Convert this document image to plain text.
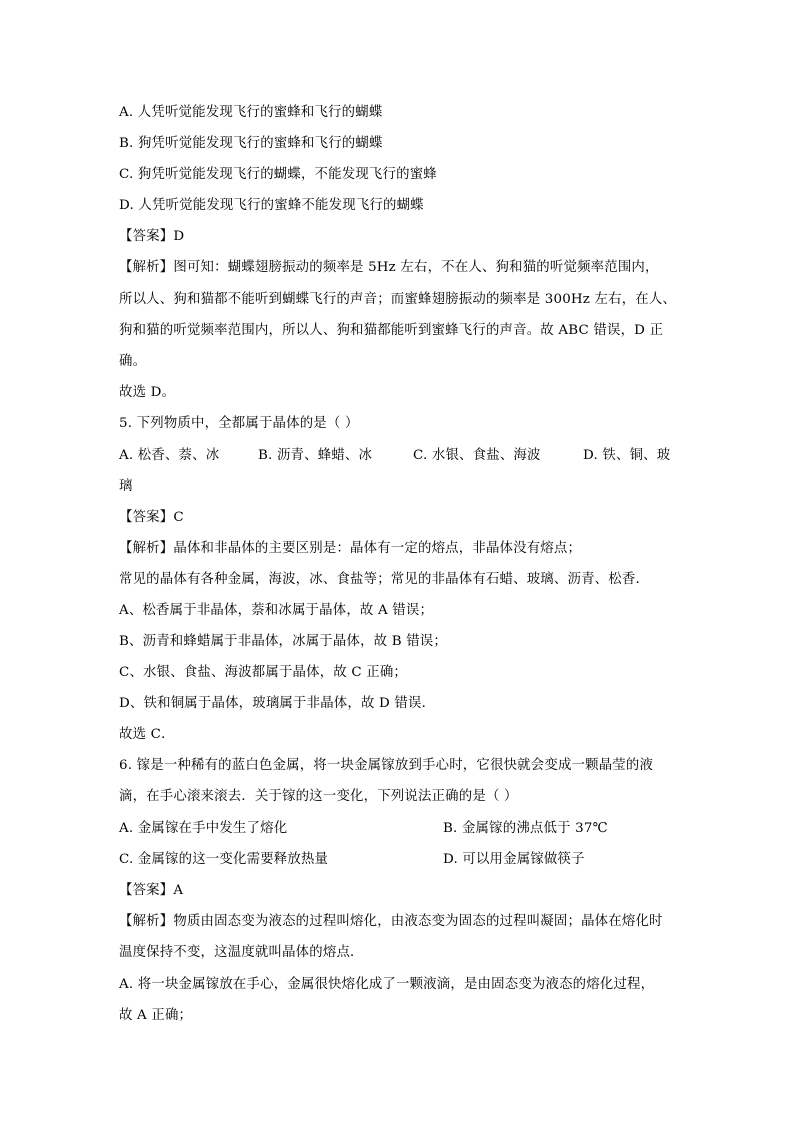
A. 人凭听觉能发现飞行的蜜蜂和飞行的蝴蝶
B. 狗凭听觉能发现飞行的蜜蜂和飞行的蝴蝶
C. 狗凭听觉能发现飞行的蝴蝶，不能发现飞行的蜜蜂
D. 人凭听觉能发现飞行的蜜蜂不能发现飞行的蝴蝶
【答案】D
【解析】图可知：蝴蝶翅膀振动的频率是 5Hz 左右，不在人、狗和猫的听觉频率范围内，
所以人、狗和猫都不能听到蝴蝶飞行的声音；而蜜蜂翅膀振动的频率是 300Hz 左右，在人、
狗和猫的听觉频率范围内，所以人、狗和猫都能听到蜜蜂飞行的声音。故 ABC 错误，D 正
确。
故选 D。
5. 下列物质中，全都属于晶体的是（ ）
A. 松香、萘、冰	B. 沥青、蜂蜡、冰	C. 水银、食盐、海波	D. 铁、铜、玻
璃
【答案】C
【解析】晶体和非晶体的主要区别是：晶体有一定的熔点，非晶体没有熔点；
常见的晶体有各种金属，海波，冰、食盐等；常见的非晶体有石蜡、玻璃、沥青、松香．
A、松香属于非晶体，萘和冰属于晶体，故 A 错误；
B、沥青和蜂蜡属于非晶体，冰属于晶体，故 B 错误；
C、水银、食盐、海波都属于晶体，故 C 正确；
D、铁和铜属于晶体，玻璃属于非晶体，故 D 错误．
故选 C．
6. 镓是一种稀有的蓝白色金属，将一块金属镓放到手心时，它很快就会变成一颗晶莹的液
滴，在手心滚来滚去．关于镓的这一变化，下列说法正确的是（ ）
A. 金属镓在手中发生了熔化	B. 金属镓的沸点低于 37℃
C. 金属镓的这一变化需要释放热量	D. 可以用金属镓做筷子
【答案】A
【解析】物质由固态变为液态的过程叫熔化，由液态变为固态的过程叫凝固；晶体在熔化时
温度保持不变，这温度就叫晶体的熔点．
A. 将一块金属镓放在手心，金属很快熔化成了一颗液滴，是由固态变为液态的熔化过程，
故 A 正确；
